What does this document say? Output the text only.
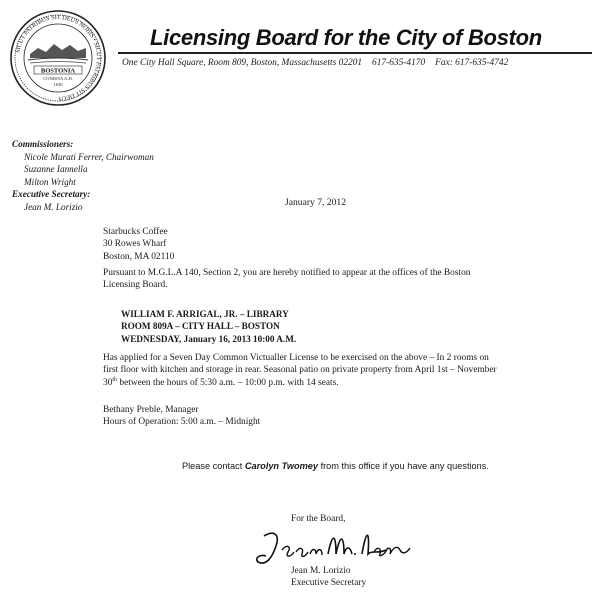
SICUT PATRIBUS SIT DEUS NOBIS • SICUT PATRIBUS SIT DEUS
BOSTONIA
CONDITA A.D.
1630
Licensing Board for the City of Boston
One City Hall Square, Room 809, Boston, Massachusetts 02201 617-635-4170 Fax: 617-635-4742
Commissioners:
Nicole Murati Ferrer, Chairwoman
Suzanne Iannella
Milton Wright
Executive Secretary:
Jean M. Lorizio	January 7, 2012
Starbucks Coffee
30 Rowes Wharf
Boston, MA 02110
Pursuant to M.G.L.A 140, Section 2, you are hereby notified to appear at the offices of the Boston Licensing Board.
WILLIAM F. ARRIGAL, JR. – LIBRARY
ROOM 809A – CITY HALL – BOSTON
WEDNESDAY, January 16, 2013 10:00 A.M.
Has applied for a Seven Day Common Victualler License to be exercised on the above – In 2 rooms on first floor with kitchen and storage in rear. Seasonal patio on private property from April 1st – November 30th between the hours of 5:30 a.m. – 10:00 p.m. with 14 seats.
Bethany Preble, Manager
Hours of Operation: 5:00 a.m. – Midnight
Please contact Carolyn Twomey from this office if you have any questions.
For the Board,
Jean M. Lorizio
Executive Secretary
